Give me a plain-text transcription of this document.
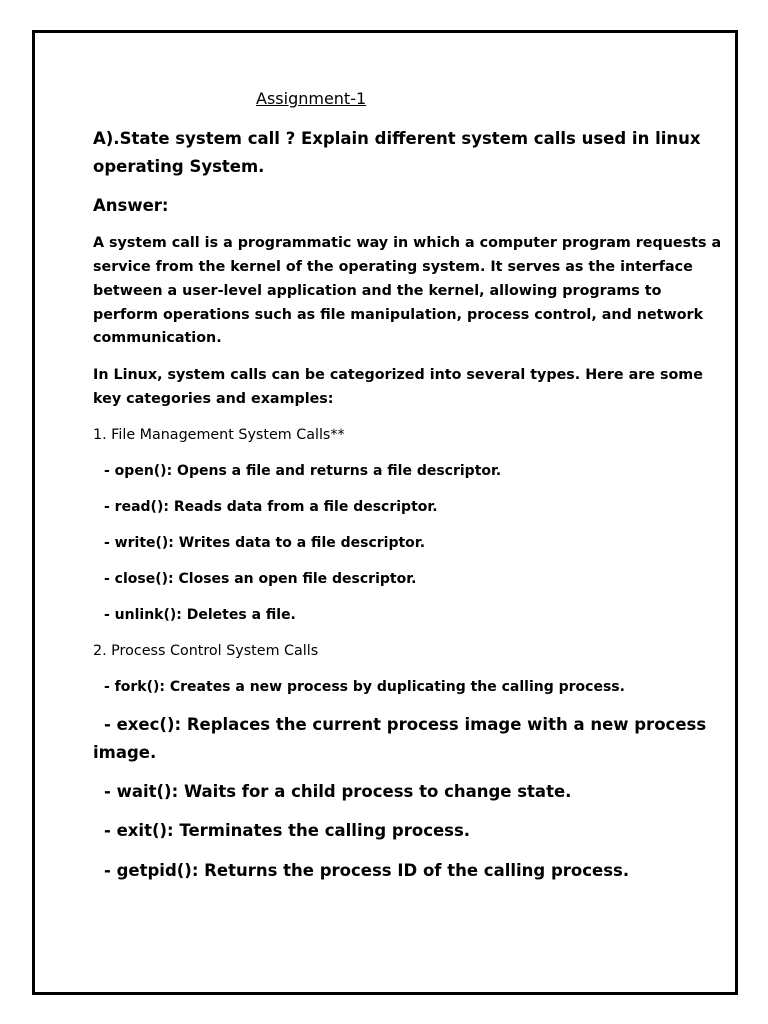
Assignment-1
A).State system call ? Explain different system calls used in linux
operating System.
Answer:
A system call is a programmatic way in which a computer program requests a
service from the kernel of the operating system. It serves as the interface
between a user-level application and the kernel, allowing programs to
perform operations such as file manipulation, process control, and network
communication.
In Linux, system calls can be categorized into several types. Here are some
key categories and examples:
1. File Management System Calls**
- open(): Opens a file and returns a file descriptor.
- read(): Reads data from a file descriptor.
- write(): Writes data to a file descriptor.
- close(): Closes an open file descriptor.
- unlink(): Deletes a file.
2. Process Control System Calls
- fork(): Creates a new process by duplicating the calling process.
- exec(): Replaces the current process image with a new process
image.
- wait(): Waits for a child process to change state.
- exit(): Terminates the calling process.
- getpid(): Returns the process ID of the calling process.
